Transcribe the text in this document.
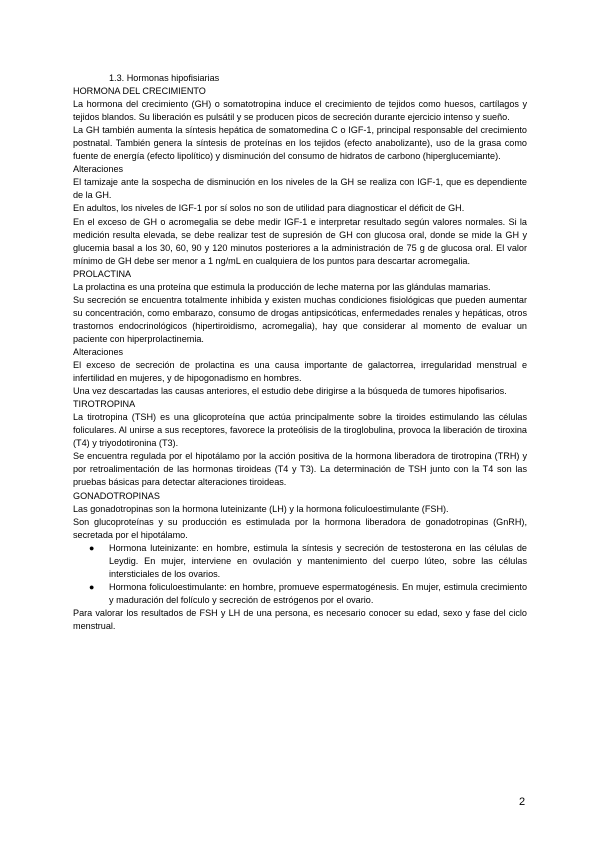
1.3. Hormonas hipofisiarias

HORMONA DEL CRECIMIENTO

La hormona del crecimiento (GH) o somatotropina induce el crecimiento de tejidos como huesos, cartílagos y tejidos blandos. Su liberación es pulsátil y se producen picos de secreción durante ejercicio intenso y sueño.

La GH también aumenta la síntesis hepática de somatomedina C o IGF-1, principal responsable del crecimiento postnatal. También genera la síntesis de proteínas en los tejidos (efecto anabolizante), uso de la grasa como fuente de energía (efecto lipolítico) y disminución del consumo de hidratos de carbono (hiperglucemiante).

Alteraciones

El tamizaje ante la sospecha de disminución en los niveles de la GH se realiza con IGF-1, que es dependiente de la GH.

En adultos, los niveles de IGF-1 por sí solos no son de utilidad para diagnosticar el déficit de GH.

En el exceso de GH o acromegalia se debe medir IGF-1 e interpretar resultado según valores normales. Si la medición resulta elevada, se debe realizar test de supresión de GH con glucosa oral, donde se mide la GH y glucemia basal a los 30, 60, 90 y 120 minutos posteriores a la administración de 75 g de glucosa oral. El valor mínimo de GH debe ser menor a 1 ng/mL en cualquiera de los puntos para descartar acromegalia.

PROLACTINA

La prolactina es una proteína que estimula la producción de leche materna por las glándulas mamarias.

Su secreción se encuentra totalmente inhibida y existen muchas condiciones fisiológicas que pueden aumentar su concentración, como embarazo, consumo de drogas antipsicóticas, enfermedades renales y hepáticas, otros trastornos endocrinológicos (hipertiroidismo, acromegalia), hay que considerar al momento de evaluar un paciente con hiperprolactinemia.

Alteraciones

El exceso de secreción de prolactina es una causa importante de galactorrea, irregularidad menstrual e infertilidad en mujeres, y de hipogonadismo en hombres.

Una vez descartadas las causas anteriores, el estudio debe dirigirse a la búsqueda de tumores hipofisarios.

TIROTROPINA

La tirotropina (TSH) es una glicoproteína que actúa principalmente sobre la tiroides estimulando las células foliculares. Al unirse a sus receptores, favorece la proteólisis de la tiroglobulina, provoca la liberación de tiroxina (T4) y triyodotironina (T3).

Se encuentra regulada por el hipotálamo por la acción positiva de la hormona liberadora de tirotropina (TRH) y por retroalimentación de las hormonas tiroideas (T4 y T3). La determinación de TSH junto con la T4 son las pruebas básicas para detectar alteraciones tiroideas.

GONADOTROPINAS

Las gonadotropinas son la hormona luteinizante (LH) y la hormona foliculoestimulante (FSH).

Son glucoproteínas y su producción es estimulada por la hormona liberadora de gonadotropinas (GnRH), secretada por el hipotálamo.

● Hormona luteinizante: en hombre, estimula la síntesis y secreción de testosterona en las células de Leydig. En mujer, interviene en ovulación y mantenimiento del cuerpo lúteo, sobre las células intersticiales de los ovarios.
● Hormona foliculoestimulante: en hombre, promueve espermatogénesis. En mujer, estimula crecimiento y maduración del folículo y secreción de estrógenos por el ovario.

Para valorar los resultados de FSH y LH de una persona, es necesario conocer su edad, sexo y fase del ciclo menstrual.

2
